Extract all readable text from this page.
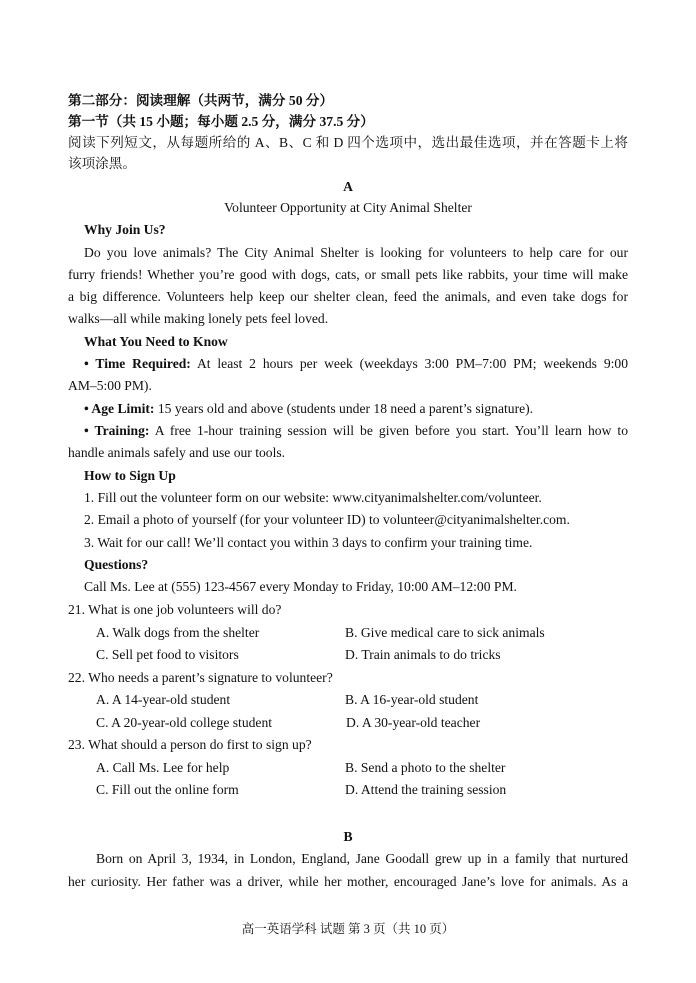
第二部分：阅读理解（共两节，满分 50 分）
第一节（共 15 小题；每小题 2.5 分，满分 37.5 分）
阅读下列短文，从每题所给的 A、B、C 和 D 四个选项中，选出最佳选项，并在答题卡上将
该项涂黑。
A
Volunteer Opportunity at City Animal Shelter
Why Join Us?
Do you love animals? The City Animal Shelter is looking for volunteers to help care for our
furry friends! Whether you’re good with dogs, cats, or small pets like rabbits, your time will make
a big difference. Volunteers help keep our shelter clean, feed the animals, and even take dogs for
walks—all while making lonely pets feel loved.
What You Need to Know
• Time Required: At least 2 hours per week (weekdays 3:00 PM–7:00 PM; weekends 9:00
AM–5:00 PM).
• Age Limit: 15 years old and above (students under 18 need a parent’s signature).
• Training: A free 1-hour training session will be given before you start. You’ll learn how to
handle animals safely and use our tools.
How to Sign Up
1. Fill out the volunteer form on our website: www.cityanimalshelter.com/volunteer.
2. Email a photo of yourself (for your volunteer ID) to volunteer@cityanimalshelter.com.
3. Wait for our call! We’ll contact you within 3 days to confirm your training time.
Questions?
Call Ms. Lee at (555) 123-4567 every Monday to Friday, 10:00 AM–12:00 PM.
21. What is one job volunteers will do?
A. Walk dogs from the shelter	B. Give medical care to sick animals
C. Sell pet food to visitors	D. Train animals to do tricks
22. Who needs a parent’s signature to volunteer?
A. A 14-year-old student	B. A 16-year-old student
C. A 20-year-old college student	D. A 30-year-old teacher
23. What should a person do first to sign up?
A. Call Ms. Lee for help	B. Send a photo to the shelter
C. Fill out the online form	D. Attend the training session
B
Born on April 3, 1934, in London, England, Jane Goodall grew up in a family that nurtured
her curiosity. Her father was a driver, while her mother, encouraged Jane’s love for animals. As a
高一英语学科 试题 第 3 页（共 10 页）
